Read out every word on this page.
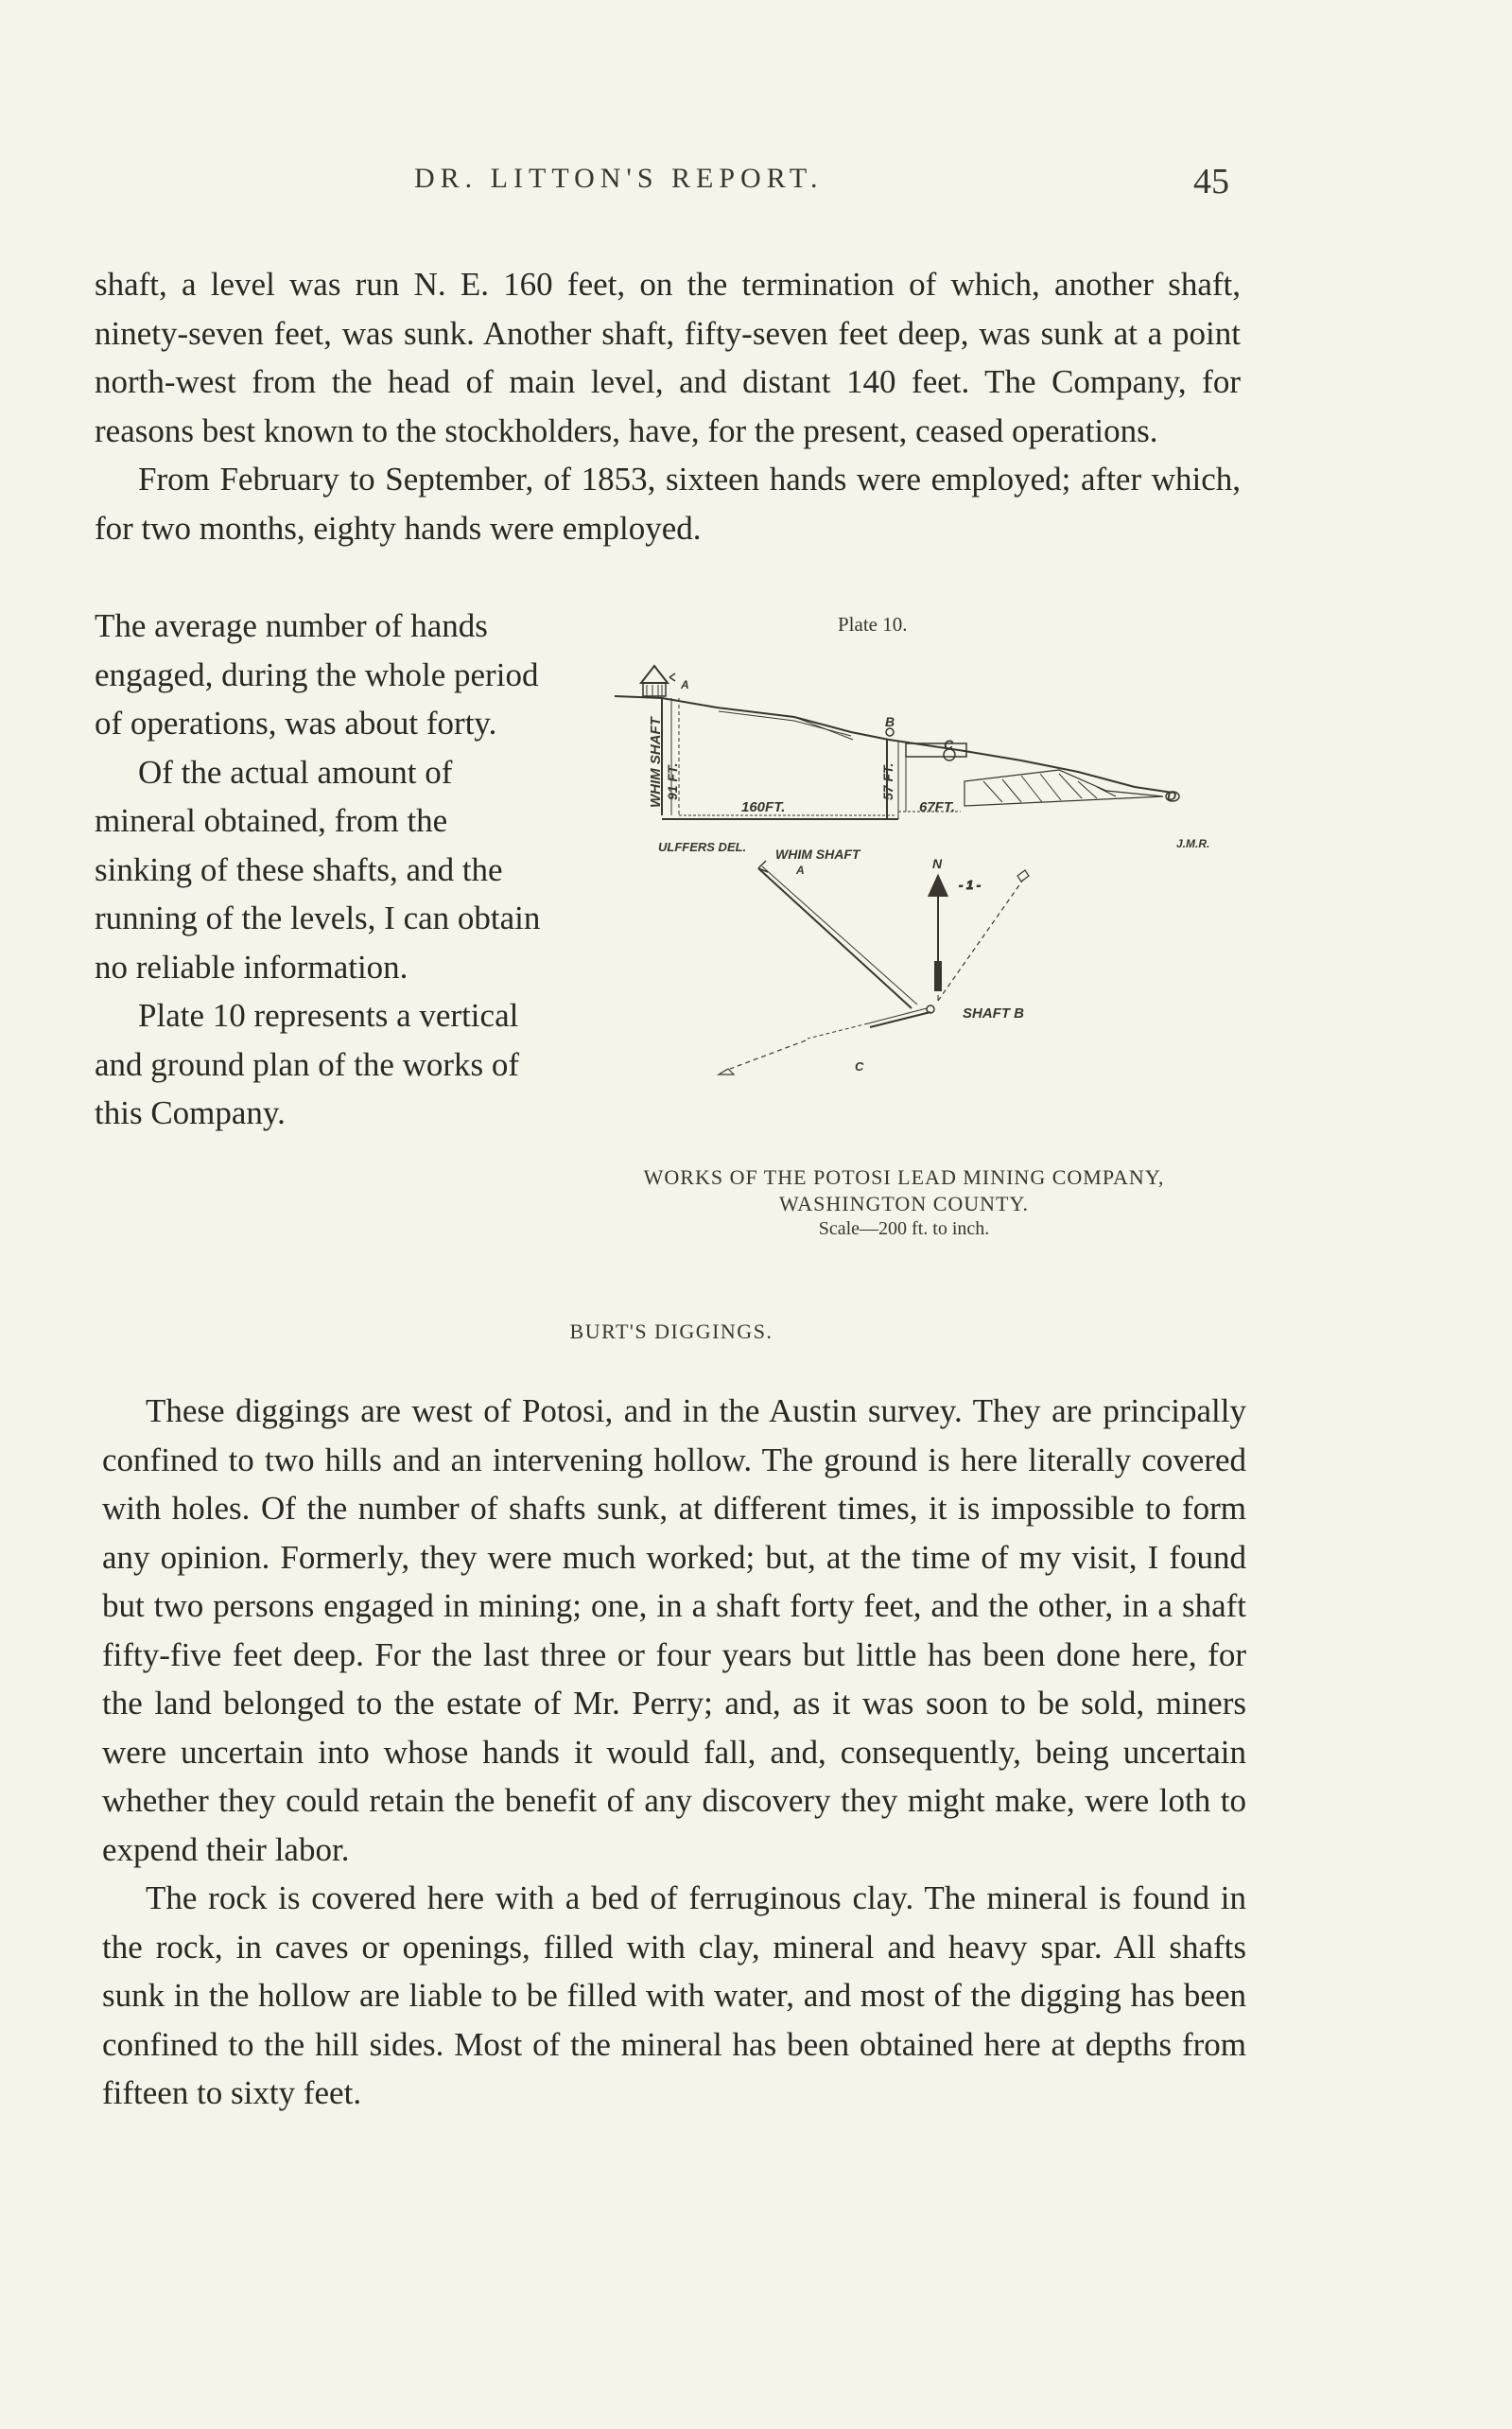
DR. LITTON'S REPORT.	45

shaft, a level was run N. E. 160 feet, on the termination of which, another shaft, ninety-seven feet, was sunk. Another shaft, fifty-seven feet deep, was sunk at a point north-west from the head of main level, and distant 140 feet. The Company, for reasons best known to the stockholders, have, for the present, ceased operations.

From February to September, of 1853, sixteen hands were employed; after which, for two months, eighty hands were employed.

The average number of hands engaged, during the whole period of operations, was about forty.

Of the actual amount of mineral obtained, from the sinking of these shafts, and the running of the levels, I can obtain no reliable information.

Plate 10 represents a vertical and ground plan of the works of this Company.

Plate 10.
WHIM SHAFT 91 FT.
160FT.
57 FT.
67FT.
B
C
D
A
ULFFERS DEL.	J.M.R.
- 1 -
WHIM SHAFT
A	N
SHAFT B
C
WORKS OF THE POTOSI LEAD MINING COMPANY,
WASHINGTON COUNTY.
Scale—200 ft. to inch.
BURT'S DIGGINGS.

These diggings are west of Potosi, and in the Austin survey. They are principally confined to two hills and an intervening hollow. The ground is here literally covered with holes. Of the number of shafts sunk, at different times, it is impossible to form any opinion. Formerly, they were much worked; but, at the time of my visit, I found but two persons engaged in mining; one, in a shaft forty feet, and the other, in a shaft fifty-five feet deep. For the last three or four years but little has been done here, for the land belonged to the estate of Mr. Perry; and, as it was soon to be sold, miners were uncertain into whose hands it would fall, and, consequently, being uncertain whether they could retain the benefit of any discovery they might make, were loth to expend their labor.

The rock is covered here with a bed of ferruginous clay. The mineral is found in the rock, in caves or openings, filled with clay, mineral and heavy spar. All shafts sunk in the hollow are liable to be filled with water, and most of the digging has been confined to the hill sides. Most of the mineral has been obtained here at depths from fifteen to sixty feet.
